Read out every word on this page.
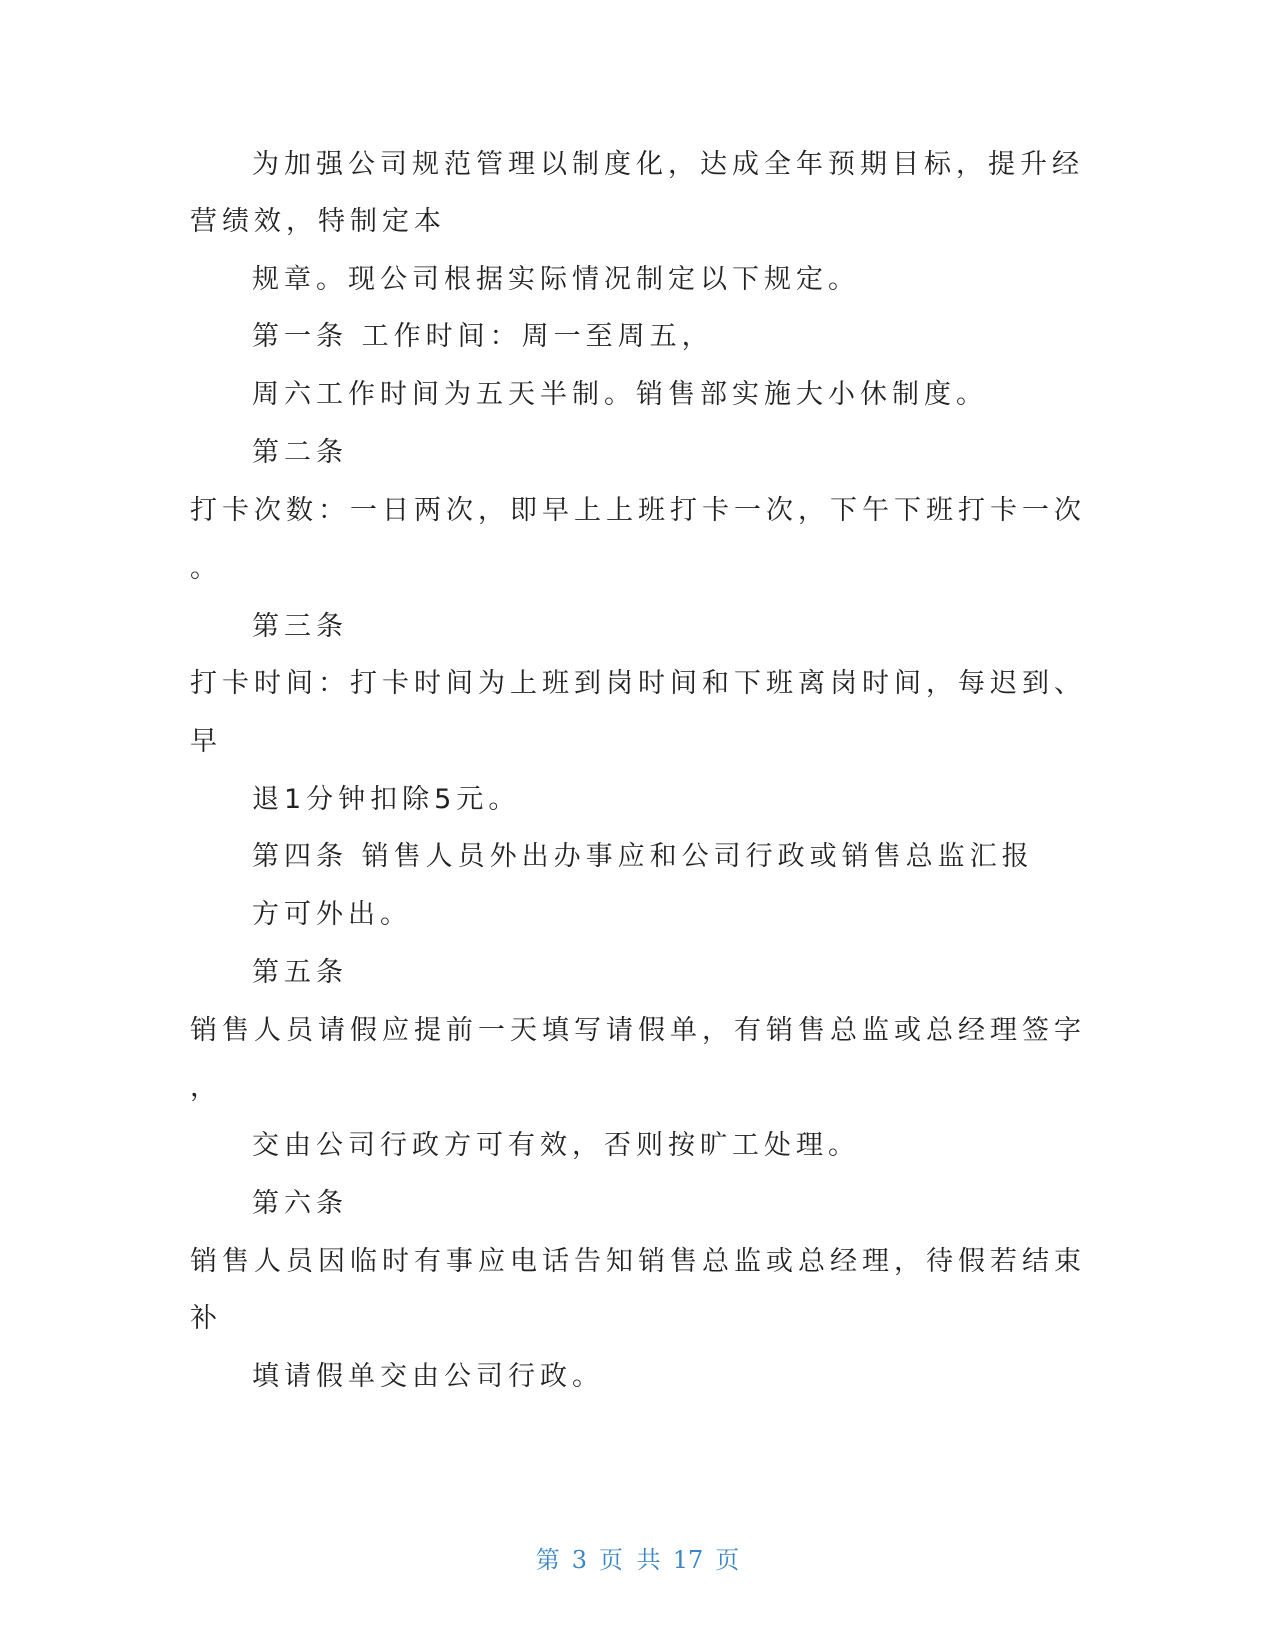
为加强公司规范管理以制度化，达成全年预期目标，提升经
营绩效，特制定本
规章。现公司根据实际情况制定以下规定。
第一条 工作时间：周一至周五，
周六工作时间为五天半制。销售部实施大小休制度。
第二条
打卡次数：一日两次，即早上上班打卡一次，下午下班打卡一次
。
第三条
打卡时间：打卡时间为上班到岗时间和下班离岗时间，每迟到、
早
退1分钟扣除5元。
第四条 销售人员外出办事应和公司行政或销售总监汇报
方可外出。
第五条
销售人员请假应提前一天填写请假单，有销售总监或总经理签字
，
交由公司行政方可有效，否则按旷工处理。
第六条
销售人员因临时有事应电话告知销售总监或总经理，待假若结束
补
填请假单交由公司行政。
第 3 页 共 17 页
